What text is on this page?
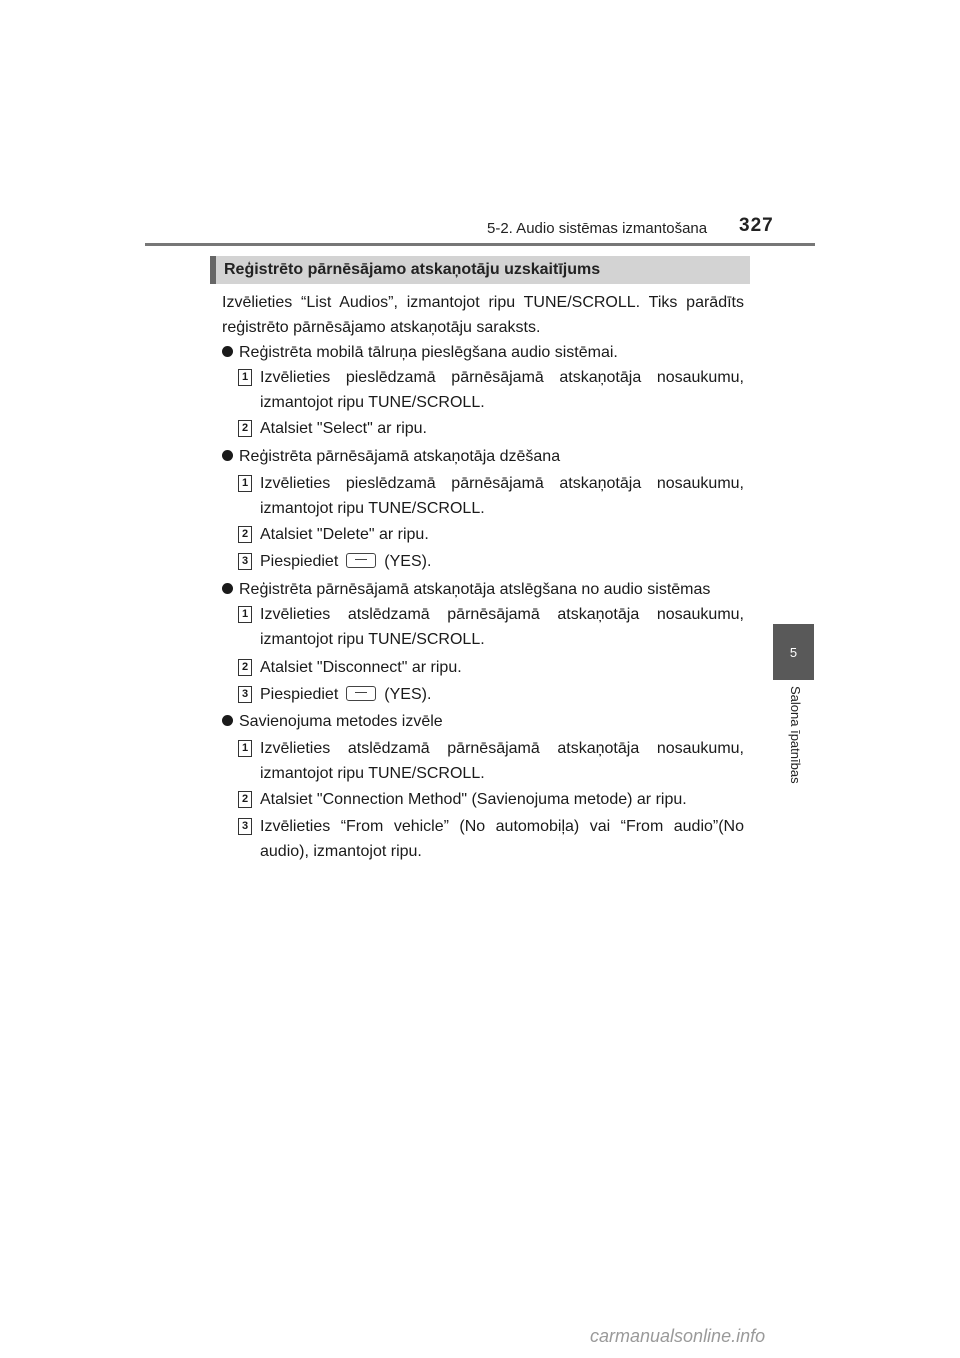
5-2. Audio sistēmas izmantošana 327
5
Salona īpatnības
Reģistrēto pārnēsājamo atskaņotāju uzskaitījums
Izvēlieties “List Audios”, izmantojot ripu TUNE/SCROLL. Tiks parādīts reģistrēto pārnēsājamo atskaņotāju saraksts.
Reģistrēta mobilā tālruņa pieslēgšana audio sistēmai.
1 Izvēlieties pieslēdzamā pārnēsājamā atskaņotāja nosaukumu, izmantojot ripu TUNE/SCROLL.
2 Atalsiet "Select" ar ripu.
Reģistrēta pārnēsājamā atskaņotāja dzēšana
1 Izvēlieties pieslēdzamā pārnēsājamā atskaņotāja nosaukumu, izmantojot ripu TUNE/SCROLL.
2 Atalsiet "Delete" ar ripu.
3 Piespiediet	(YES).
Reģistrēta pārnēsājamā atskaņotāja atslēgšana no audio sistēmas
1 Izvēlieties atslēdzamā pārnēsājamā atskaņotāja nosaukumu, izmantojot ripu TUNE/SCROLL.
2 Atalsiet "Disconnect" ar ripu.
3 Piespiediet	(YES).
Savienojuma metodes izvēle
1 Izvēlieties atslēdzamā pārnēsājamā atskaņotāja nosaukumu, izmantojot ripu TUNE/SCROLL.
2 Atalsiet "Connection Method" (Savienojuma metode) ar ripu.
3 Izvēlieties “From vehicle” (No automobiļa) vai “From audio”(No audio), izmantojot ripu.
carmanualsonline.info
